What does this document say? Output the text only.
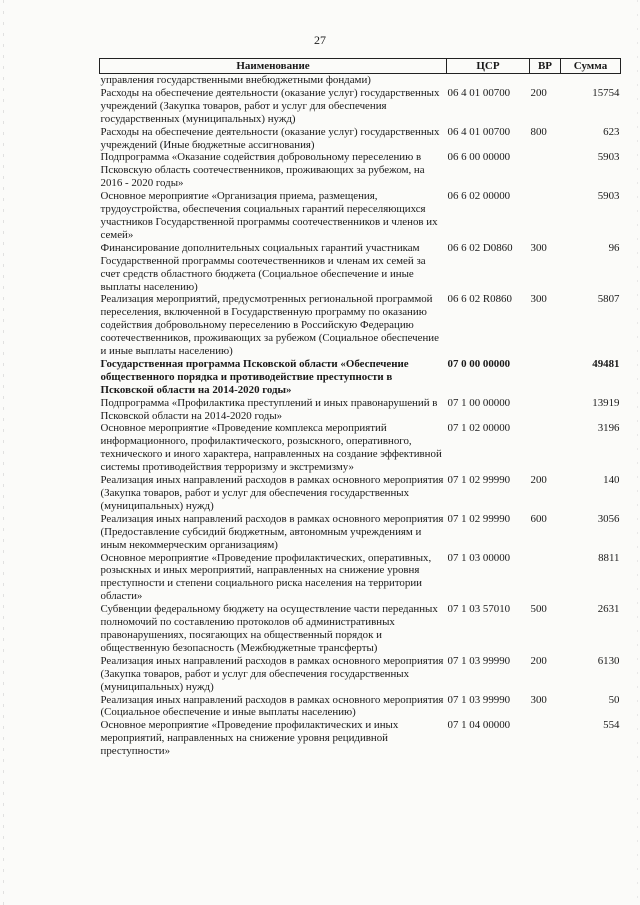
27
Наименование	ЦСР	ВР	Сумма
управления государственными внебюджетными фондами)			
Расходы на обеспечение деятельности (оказание услуг) государственных учреждений (Закупка товаров, работ и услуг для обеспечения государственных (муниципальных) нужд)	06 4 01 00700	200	15754
Расходы на обеспечение деятельности (оказание услуг) государственных учреждений (Иные бюджетные ассигнования)	06 4 01 00700	800	623
Подпрограмма «Оказание содействия добровольному переселению в Псковскую область соотечественников, проживающих за рубежом, на 2016 - 2020 годы»	06 6 00 00000		5903
Основное мероприятие «Организация приема, размещения, трудоустройства, обеспечения социальных гарантий переселяющихся участников Государственной программы соотечественников и членов их семей»	06 6 02 00000		5903
Финансирование дополнительных социальных гарантий участникам Государственной программы соотечественников и членам их семей за счет средств областного бюджета (Социальное обеспечение и иные выплаты населению)	06 6 02 D0860	300	96
Реализация мероприятий, предусмотренных региональной программой переселения, включенной в Государственную программу по оказанию содействия добровольному переселению в Российскую Федерацию соотечественников, проживающих за рубежом (Социальное обеспечение и иные выплаты населению)	06 6 02 R0860	300	5807
Государственная программа Псковской области «Обеспечение общественного порядка и противодействие преступности в Псковской области на 2014-2020 годы»	07 0 00 00000		49481
Подпрограмма «Профилактика преступлений и иных правонарушений в Псковской области на 2014-2020 годы»	07 1 00 00000		13919
Основное мероприятие «Проведение комплекса мероприятий информационного, профилактического, розыскного, оперативного, технического и иного характера, направленных на создание эффективной системы противодействия терроризму и экстремизму»	07 1 02 00000		3196
Реализация иных направлений расходов в рамках основного мероприятия (Закупка товаров, работ и услуг для обеспечения государственных (муниципальных) нужд)	07 1 02 99990	200	140
Реализация иных направлений расходов в рамках основного мероприятия (Предоставление субсидий бюджетным, автономным учреждениям и иным некоммерческим организациям)	07 1 02 99990	600	3056
Основное мероприятие «Проведение профилактических, оперативных, розыскных и иных мероприятий, направленных на снижение уровня преступности и степени социального риска населения на территории области»	07 1 03 00000		8811
Субвенции федеральному бюджету на осуществление части переданных полномочий по составлению протоколов об административных правонарушениях, посягающих на общественный порядок и общественную безопасность (Межбюджетные трансферты)	07 1 03 57010	500	2631
Реализация иных направлений расходов в рамках основного мероприятия (Закупка товаров, работ и услуг для обеспечения государственных (муниципальных) нужд)	07 1 03 99990	200	6130
Реализация иных направлений расходов в рамках основного мероприятия (Социальное обеспечение и иные выплаты населению)	07 1 03 99990	300	50
Основное мероприятие «Проведение профилактических и иных мероприятий, направленных на снижение уровня рецидивной преступности»	07 1 04 00000		554
